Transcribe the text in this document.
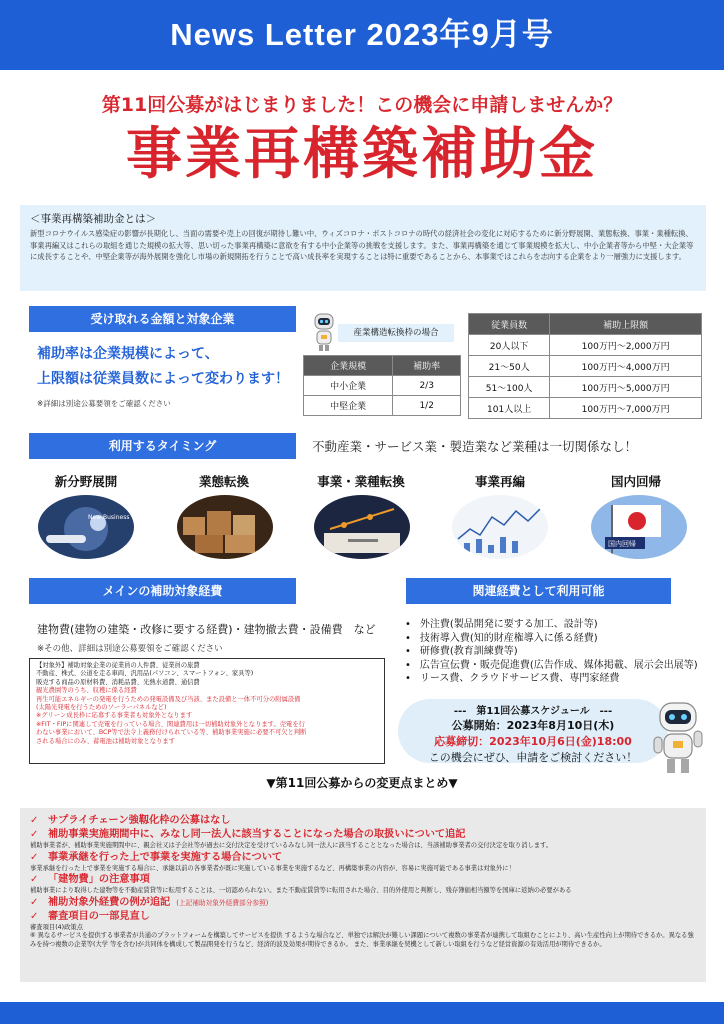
News Letter 2023年9月号
第11回公募がはじまりました！この機会に申請しませんか？
事業再構築補助金
＜事業再構築補助金とは＞
新型コロナウイルス感染症の影響が長期化し、当面の需要や売上の回復が期待し難い中、ウィズコロナ・ポストコロナの時代の経済社会の変化に対応するために新分野展開、業態転換、事業・業種転換、事業再編又はこれらの取組を通じた規模の拡大等、思い切った事業再構築に意欲を有する中小企業等の挑戦を支援します。また、事業再構築を通じて事業規模を拡大し、中小企業者等から中堅・大企業等に成長することや、中堅企業等が海外展開を強化し市場の新規開拓を行うことで高い成長率を実現することは特に重要であることから、本事業ではこれらを志向する企業をより一層強力に支援します。
受け取れる金額と対象企業
補助率は企業規模によって、
上限額は従業員数によって変わります！
※詳細は別途公募要領をご確認ください
産業構造転換枠の場合
企業規模	補助率
中小企業	2/3
中堅企業	1/2
従業員数	補助上限額
20人以下	100万円～2,000万円
21～50人	100万円～4,000万円
51～100人	100万円～5,000万円
101人以上	100万円～7,000万円
利用するタイミング	不動産業・サービス業・製造業など業種は一切関係なし！
新分野展開	業態転換	事業・業種転換	事業再編	国内回帰
New Business
国内回帰
メインの補助対象経費
建物費(建物の建築・改修に要する経費)・建物撤去費・設備費　など
※その他、詳細は別途公募要領をご確認ください
【対象外】補助対象企業の従業員の人件費、従業員の旅費
不動産、株式、公道を走る車両、汎用品(パソコン、スマートフォン、家具等)
販売する商品の原材料費、消耗品費、光熱水道費、通信費
観光農園等のうち、収穫に係る経費
再生可能エネルギーの発電を行うための発電設備及び当該、また設備と一体不可分の附属設備
(太陽光発電を行うためのソーラーパネルなど)
※グリーン成長枠に応募する事業者も対象外となります
※FIT・FIPに関連して売電を行っている場合、関連費用は一切補助対象外となります。売電を行
わない事業において、BCP等で法令上義務付けられている等、補助事業実施に必要不可欠と判断
される場合にのみ、蓄電池は補助対象となります
関連経費として利用可能
• 外注費(製品開発に要する加工、設計等)
• 技術導入費(知的財産権導入に係る経費)
• 研修費(教育訓練費等)
• 広告宣伝費・販売促進費(広告作成、媒体掲載、展示会出展等)
• リース費、クラウドサービス費、専門家経費
---　第11回公募スケジュール　---
公募開始：2023年8月10日(木)
応募締切：2023年10月6日(金)18:00
この機会にぜひ、申請をご検討ください！
▼第11回公募からの変更点まとめ▼
✓ サプライチェーン強靱化枠の公募はなし
✓ 補助事業実施期間中に、みなし同一法人に該当することになった場合の取扱いについて追記
補助事業者が、補助事業実施期間中に、親会社又は子会社等が過去に交付決定を受けているみなし同一法人に該当することとなった場合は、当該補助事業者の交付決定を取り消します。
✓ 事業承継を行った上で事業を実施する場合について
事業承継を行った上で事業を実施する場合に、承継以前の各事業者が既に実施している事業を実施するなど、再構築事業の内容が、容易に実施可能である事業は対象外に！
✓ 「建物費」の注意事項
補助事業により取得した建物等を不動産賃貸等に転用することは、一切認められない。また不動産賃貸等に転用された場合、目的外使用と判断し、残存簿価相当額等を国庫に返納の必要がある
✓ 補助対象外経費の例が追記 (上記補助対象外経費部分参照)
✓ 審査項目の一部見直し
審査項目(4)政策点
⑥ 異なるサービスを提供する事業者が共通のプラットフォームを構築してサービスを提供 するような場合など、単独では解決が難しい課題について複数の事業者が連携して取組むことにより、高い生産性向上が期待できるか。異なる強みを持つ複数の企業等(大学 等を含む)が共同体を構成して製品開発を行うなど、経済的波及効果が期待できるか。 また、事業承継を契機として新しい取組を行うなど経営資源の有効活用が期待できるか。
